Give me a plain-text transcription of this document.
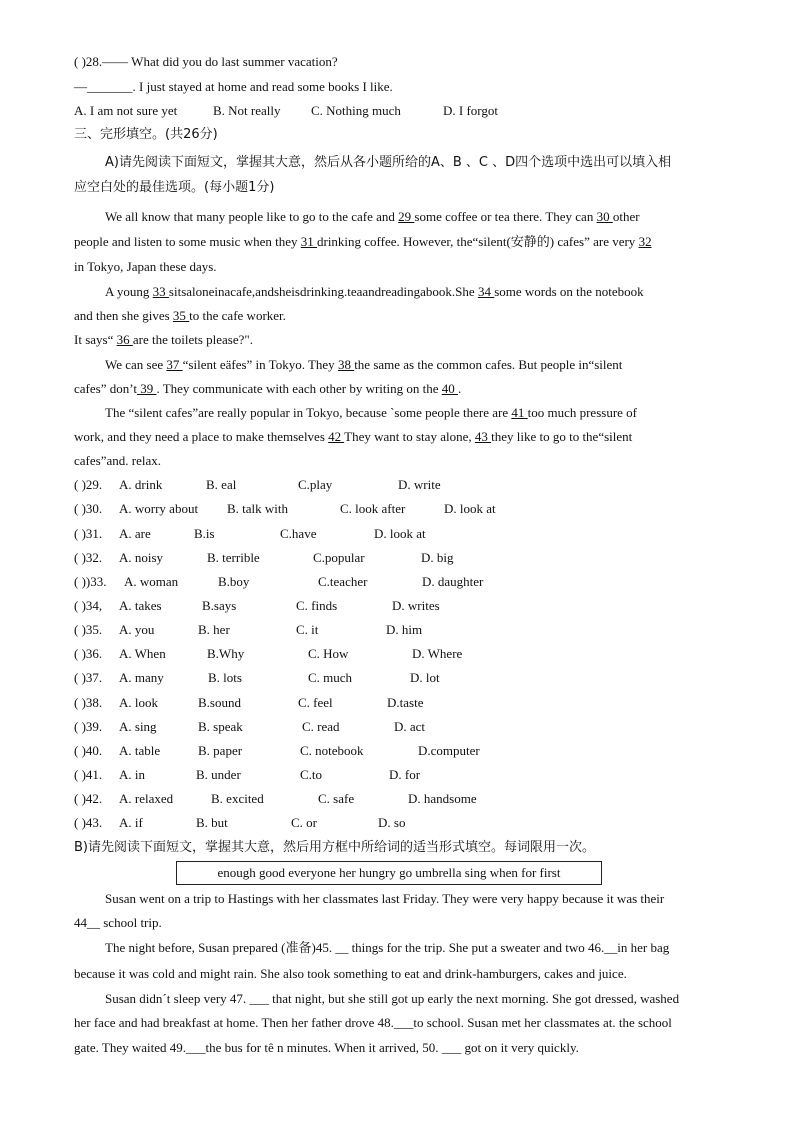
( )28.—— What did you do last summer vacation?
—_______. I just stayed at home and read some books I like.
A. I am not sure yet	B. Not really C. Nothing much	D. I forgot
三、完形填空。(共26分)
A)请先阅读下面短文，掌握其大意，然后从各小题所给的A、B 、C 、D四个选项中选出可以填入相
应空白处的最佳选项。(每小题1分)
We all know that many people like to go to the cafe and 29 some coffee or tea there. They can 30 other
people and listen to some music when they 31 drinking coffee. However, the“silent(安静的) cafes” are very 32
in Tokyo, Japan these days.
A young 33 sitsaloneinacafe,andsheisdrinking.teaandreadingabook.She 34 some words on the notebook
and then she gives 35 to the cafe worker.
It says“ 36 are the toilets please?".
We can see 37 “silent eäfes” in Tokyo. They 38 the same as the common cafes. But people in“silent
cafes” don’t 39 . They communicate with each other by writing on the 40 .
The “silent cafes”are really popular in Tokyo, because `some people there are 41 too much pressure of
work, and they need a place to make themselves 42 They want to stay alone, 43 they like to go to the“silent
cafes”and. relax.
( )29. A. drink	B. eal	C.play	D. write
( )30. A. worry about B. talk with	C. look after	D. look at
( )31. A. are	B.is	C.have	D. look at
( )32. A. noisy	B. terrible	C.popular	D. big
( ))33. A. woman	B.boy	C.teacher	D. daughter
( )34, A. takes	B.says	C. finds	D. writes
( )35. A. you	B. her	C. it	D. him
( )36. A. When	B.Why	C. How	D. Where
( )37. A. many	B. lots	C. much	D. lot
( )38. A. look	B.sound	C. feel	D.taste
( )39. A. sing	B. speak	C. read	D. act
( )40. A. table	B. paper	C. notebook	D.computer
( )41. A. in	B. under	C.to	D. for
( )42. A. relaxed	B. excited	C. safe	D. handsome
( )43. A. if	B. but	C. or	D. so
B)请先阅读下面短文，掌握其大意，然后用方框中所给词的适当形式填空。每词限用一次。
enough good everyone her hungry go umbrella sing when for first
Susan went on a trip to Hastings with her classmates last Friday. They were very happy because it was their
44__ school trip.
The night before, Susan prepared (准备)45. __ things for the trip. She put a sweater and two 46.__in her bag
because it was cold and might rain. She also took something to eat and drink-hamburgers, cakes and juice.
Susan didn´t sleep very 47. ___ that night, but she still got up early the next morning. She got dressed, washed
her face and had breakfast at home. Then her father drove 48.___to school. Susan met her classmates at. the school
gate. They waited 49.___the bus for tê n minutes. When it arrived, 50. ___ got on it very quickly.
